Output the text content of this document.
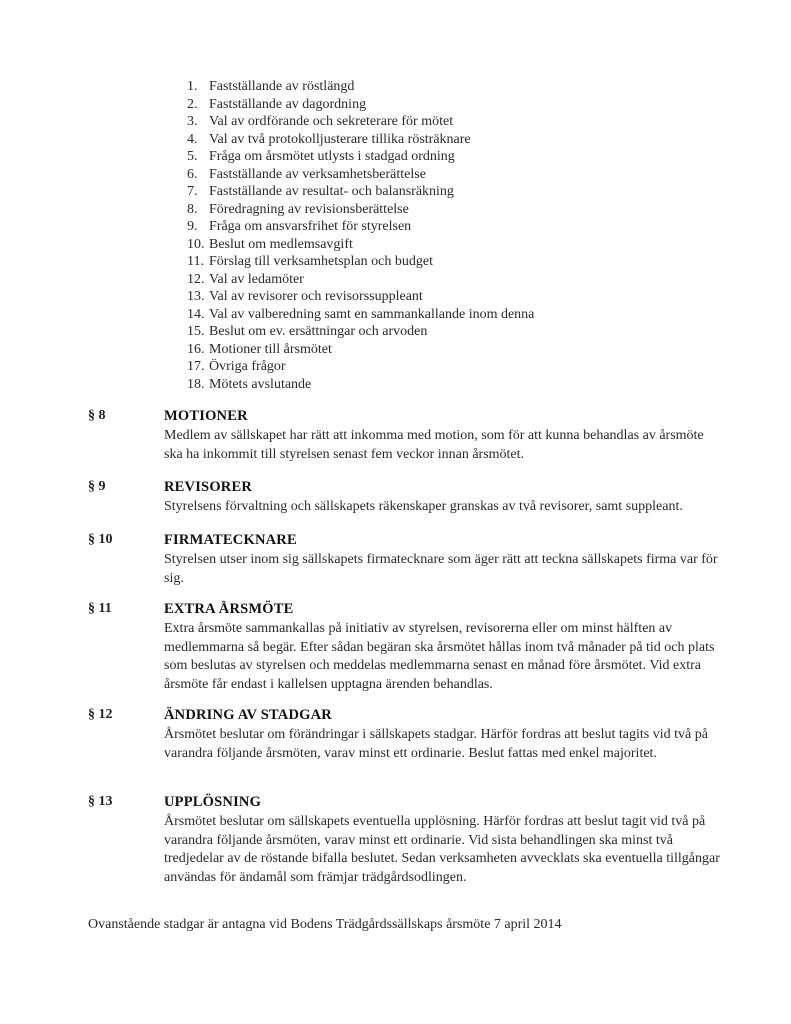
1. Fastställande av röstlängd
2. Fastställande av dagordning
3. Val av ordförande och sekreterare för mötet
4. Val av två protokolljusterare tillika rösträknare
5. Fråga om årsmötet utlysts i stadgad ordning
6. Fastställande av verksamhetsberättelse
7. Fastställande av resultat- och balansräkning
8. Föredragning av revisionsberättelse
9. Fråga om ansvarsfrihet för styrelsen
10. Beslut om medlemsavgift
11. Förslag till verksamhetsplan och budget
12. Val av ledamöter
13. Val av revisorer och revisorssuppleant
14. Val av valberedning samt en sammankallande inom denna
15. Beslut om ev. ersättningar och arvoden
16. Motioner till årsmötet
17. Övriga frågor
18. Mötets avslutande
§ 8	MOTIONER
Medlem av sällskapet har rätt att inkomma med motion, som för att kunna behandlas av årsmöte ska ha inkommit till styrelsen senast fem veckor innan årsmötet.
§ 9	REVISORER
Styrelsens förvaltning och sällskapets räkenskaper granskas av två revisorer, samt suppleant.
§ 10	FIRMATECKNARE
Styrelsen utser inom sig sällskapets firmatecknare som äger rätt att teckna sällskapets firma var för sig.
§ 11	EXTRA ÅRSMÖTE
Extra årsmöte sammankallas på initiativ av styrelsen, revisorerna eller om minst hälften av medlemmarna så begär. Efter sådan begäran ska årsmötet hållas inom två månader på tid och plats som beslutas av styrelsen och meddelas medlemmarna senast en månad före årsmötet. Vid extra årsmöte får endast i kallelsen upptagna ärenden behandlas.
§ 12	ÄNDRING AV STADGAR
Årsmötet beslutar om förändringar i sällskapets stadgar. Härför fordras att beslut tagits vid två på varandra följande årsmöten, varav minst ett ordinarie. Beslut fattas med enkel majoritet.
§ 13	UPPLÖSNING
Årsmötet beslutar om sällskapets eventuella upplösning. Härför fordras att beslut tagit vid två på varandra följande årsmöten, varav minst ett ordinarie. Vid sista behandlingen ska minst två tredjedelar av de röstande bifalla beslutet. Sedan verksamheten avvecklats ska eventuella tillgångar användas för ändamål som främjar trädgårdsodlingen.
Ovanstående stadgar är antagna vid Bodens Trädgårdssällskaps årsmöte 7 april 2014
